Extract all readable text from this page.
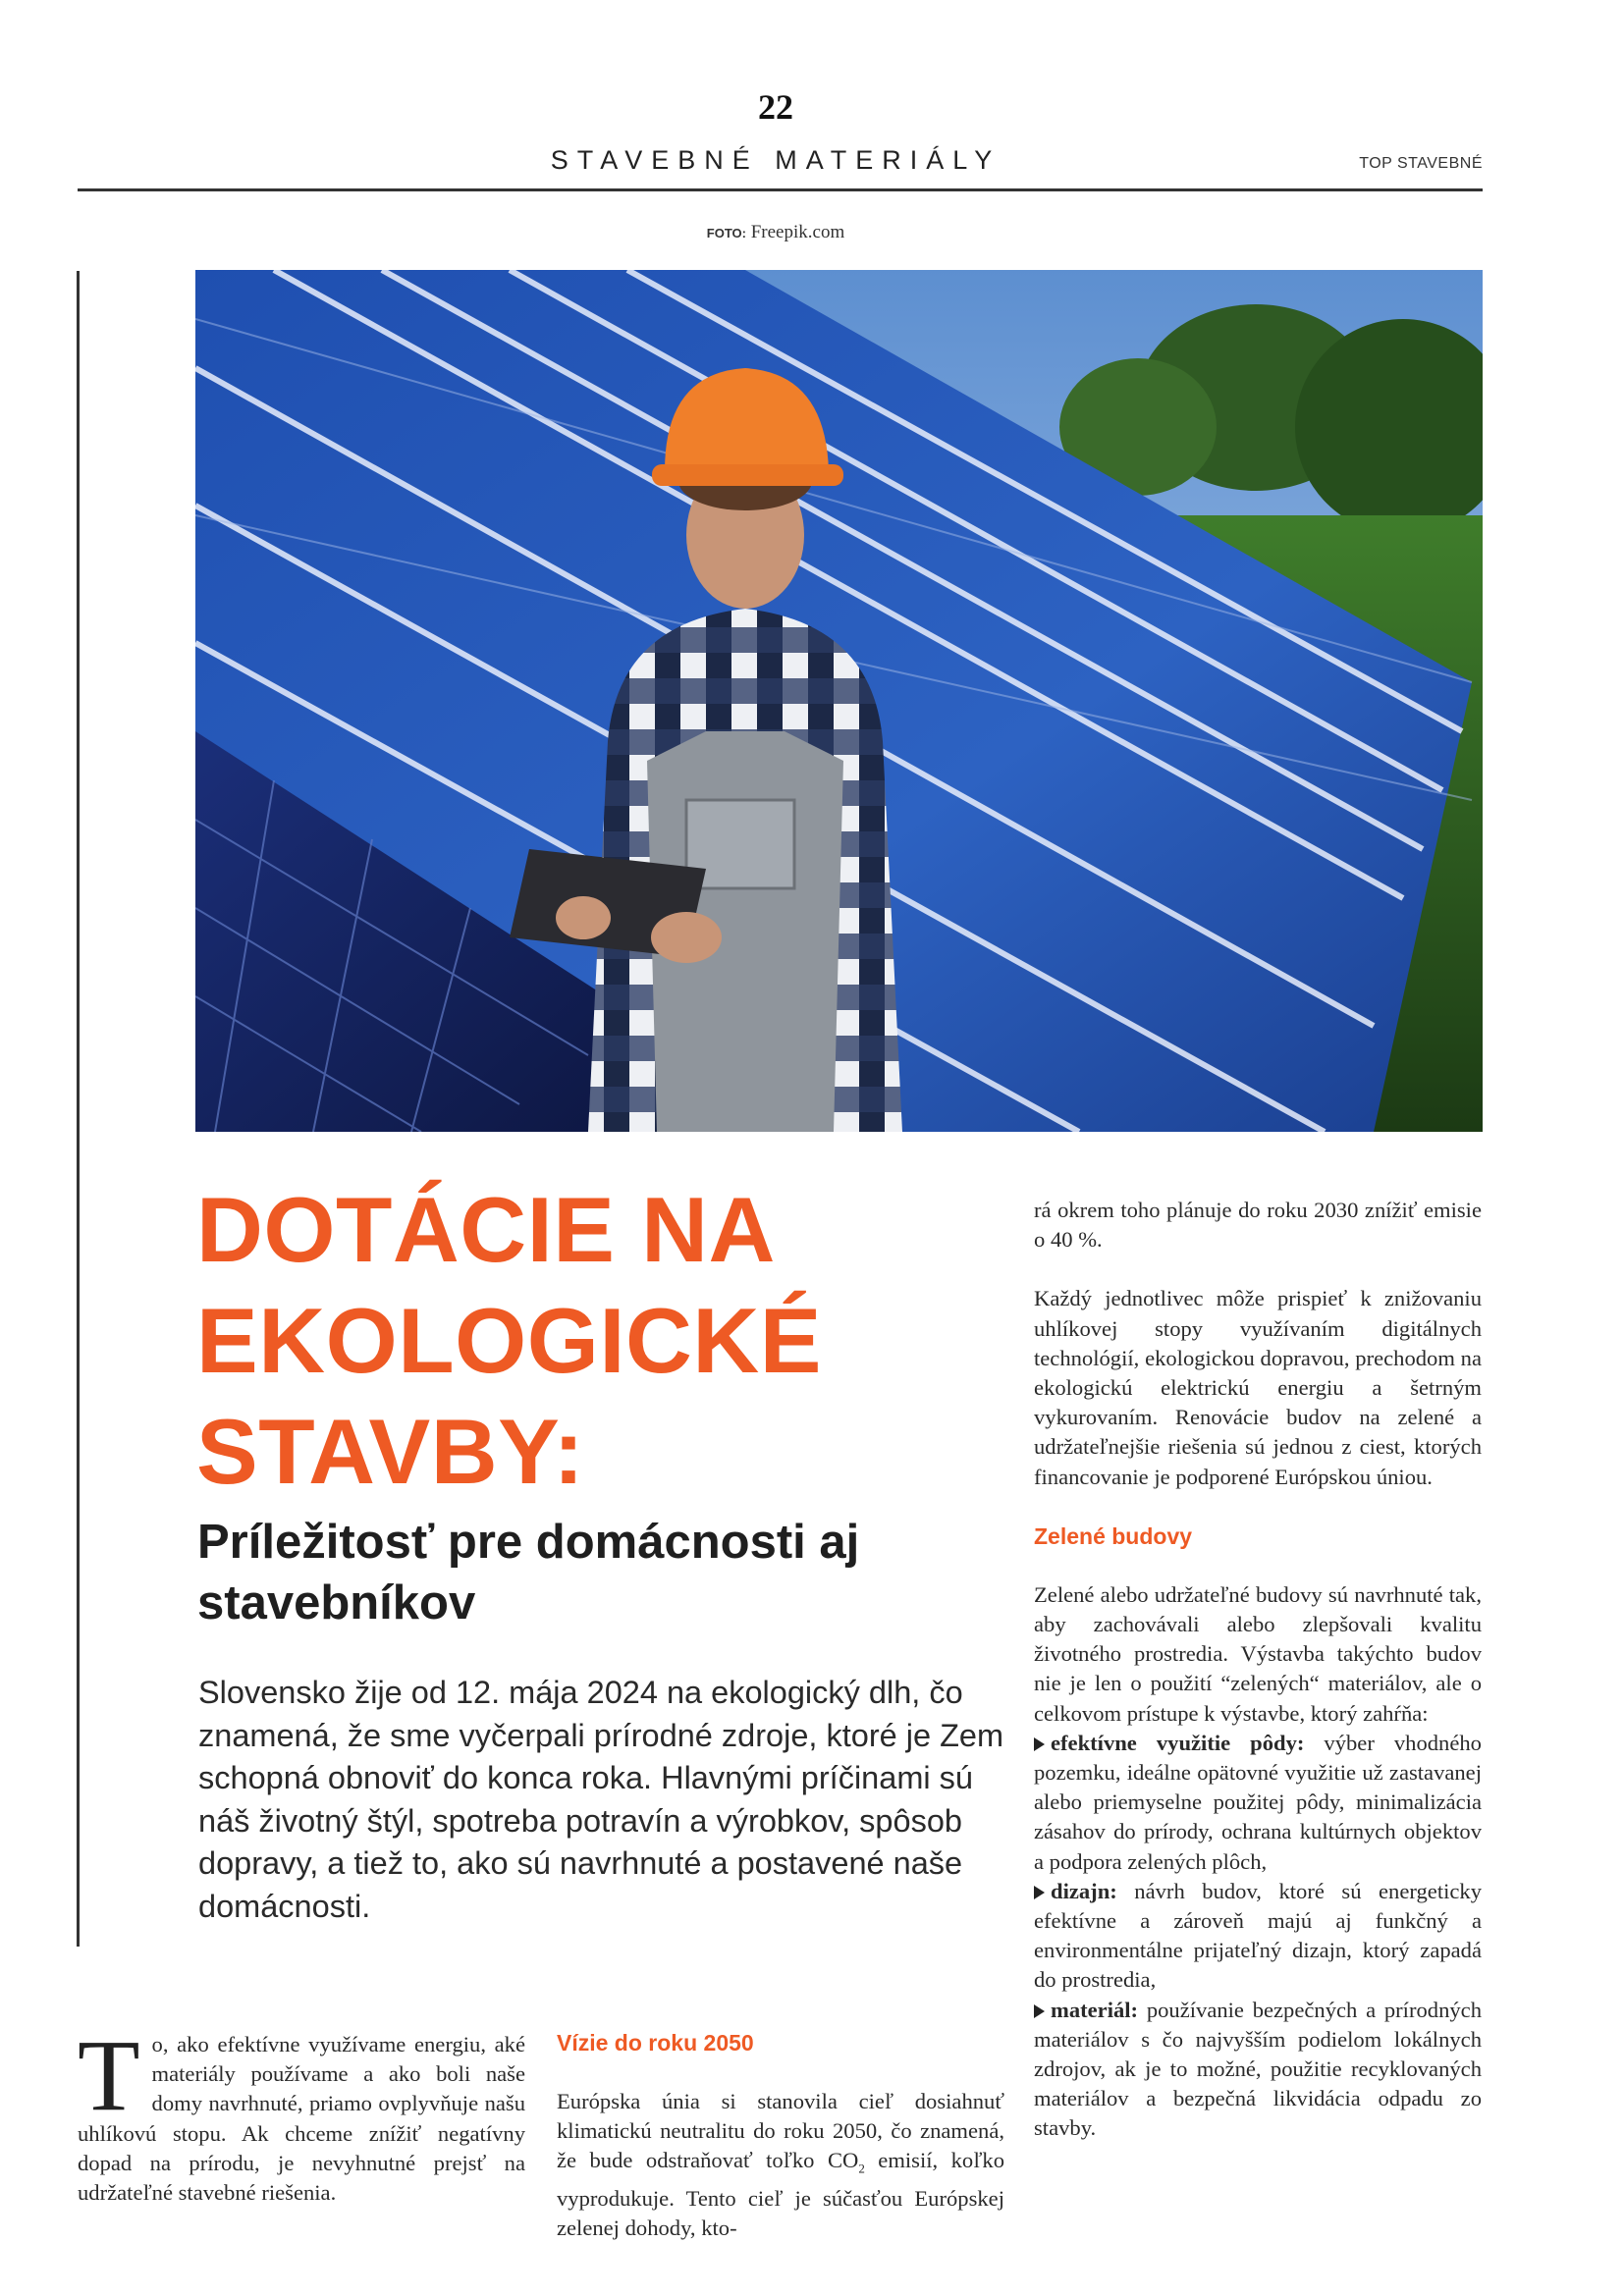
22
STAVEBNÉ MATERIÁLY	TOP STAVEBNÉ
FOTO: Freepik.com
DOTÁCIE NA
EKOLOGICKÉ
STAVBY:
Príležitosť pre domácnosti aj stavebníkov
Slovensko žije od 12. mája 2024 na ekologický dlh, čo znamená, že sme vyčerpali prírodné zdroje, ktoré je Zem schopná obnoviť do konca roka. Hlavnými príčinami sú náš životný štýl, spotreba potravín a výrobkov, spôsob dopravy, a tiež to, ako sú navrhnuté a postavené naše domácnosti.
T o, ako efektívne využívame energiu, aké materiály používame a ako boli naše domy navrhnuté, priamo ovplyvňuje našu uhlíkovú stopu. Ak chceme znížiť negatívny dopad na prírodu, je nevyhnutné prejsť na udržateľné stavebné riešenia.

Vízie do roku 2050

Európska únia si stanovila cieľ dosiahnuť klimatickú neutralitu do roku 2050, čo znamená, že bude odstraňovať toľko $CO_2$ emisií, koľko vyprodukuje. Tento cieľ je súčasťou Európskej zelenej dohody, kto-

rá okrem toho plánuje do roku 2030 znížiť emisie o 40 %.

Každý jednotlivec môže prispieť k znižovaniu uhlíkovej stopy využívaním digitálnych technológií, ekologickou dopravou, prechodom na ekologickú elektrickú energiu a šetrným vykurovaním. Renovácie budov na zelené a udržateľnejšie riešenia sú jednou z ciest, ktorých financovanie je podporené Európskou úniou.

Zelené budovy

Zelené alebo udržateľné budovy sú navrhnuté tak, aby zachovávali alebo zlepšovali kvalitu životného prostredia. Výstavba takýchto budov nie je len o použití “zelených“ materiálov, ale o celkovom prístupe k výstavbe, ktorý zahŕňa:

efektívne využitie pôdy: výber vhodného pozemku, ideálne opätovné využitie už zastavanej alebo priemyselne použitej pôdy, minimalizácia zásahov do prírody, ochrana kultúrnych objektov a podpora zelených plôch,

dizajn: návrh budov, ktoré sú energeticky efektívne a zároveň majú aj funkčný a environmentálne prijateľný dizajn, ktorý zapadá do prostredia,

materiál: používanie bezpečných a prírodných materiálov s čo najvyšším podielom lokálnych zdrojov, ak je to možné, použitie recyklovaných materiálov a bezpečná likvidácia odpadu zo stavby.
